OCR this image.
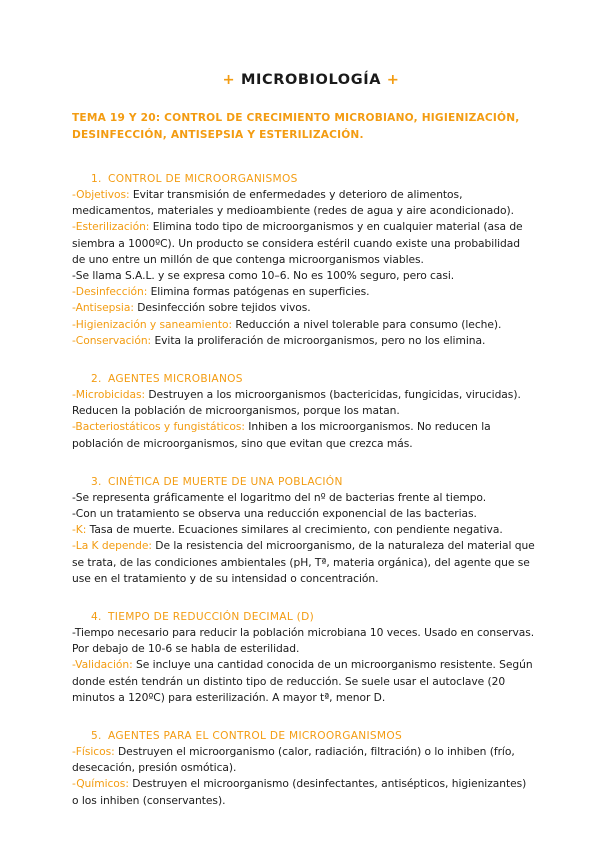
+ MICROBIOLOGÍA +
TEMA 19 Y 20: CONTROL DE CRECIMIENTO MICROBIANO, HIGIENIZACIÓN, DESINFECCIÓN, ANTISEPSIA Y ESTERILIZACIÓN.
1. CONTROL DE MICROORGANISMOS

-Objetivos: Evitar transmisión de enfermedades y deterioro de alimentos, medicamentos, materiales y medioambiente (redes de agua y aire acondicionado).

-Esterilización: Elimina todo tipo de microorganismos y en cualquier material (asa de siembra a 1000ºC). Un producto se considera estéril cuando existe una probabilidad de uno entre un millón de que contenga microorganismos viables.

-Se llama S.A.L. y se expresa como 10–6. No es 100% seguro, pero casi.

-Desinfección: Elimina formas patógenas en superficies.

-Antisepsia: Desinfección sobre tejidos vivos.

-Higienización y saneamiento: Reducción a nivel tolerable para consumo (leche).

-Conservación: Evita la proliferación de microorganismos, pero no los elimina.

2. AGENTES MICROBIANOS

-Microbicidas: Destruyen a los microorganismos (bactericidas, fungicidas, virucidas). Reducen la población de microorganismos, porque los matan.

-Bacteriostáticos y fungistáticos: Inhiben a los microorganismos. No reducen la población de microorganismos, sino que evitan que crezca más.

3. CINÉTICA DE MUERTE DE UNA POBLACIÓN

-Se representa gráficamente el logaritmo del nº de bacterias frente al tiempo.

-Con un tratamiento se observa una reducción exponencial de las bacterias.

-K: Tasa de muerte. Ecuaciones similares al crecimiento, con pendiente negativa.

-La K depende: De la resistencia del microorganismo, de la naturaleza del material que se trata, de las condiciones ambientales (pH, Tª, materia orgánica), del agente que se use en el tratamiento y de su intensidad o concentración.

4. TIEMPO DE REDUCCIÓN DECIMAL (D)

-Tiempo necesario para reducir la población microbiana 10 veces. Usado en conservas. Por debajo de 10-6 se habla de esterilidad.

-Validación: Se incluye una cantidad conocida de un microorganismo resistente. Según donde estén tendrán un distinto tipo de reducción. Se suele usar el autoclave (20 minutos a 120ºC) para esterilización. A mayor tª, menor D.

5. AGENTES PARA EL CONTROL DE MICROORGANISMOS

-Físicos: Destruyen el microorganismo (calor, radiación, filtración) o lo inhiben (frío, desecación, presión osmótica).

-Químicos: Destruyen el microorganismo (desinfectantes, antisépticos, higienizantes) o los inhiben (conservantes).
